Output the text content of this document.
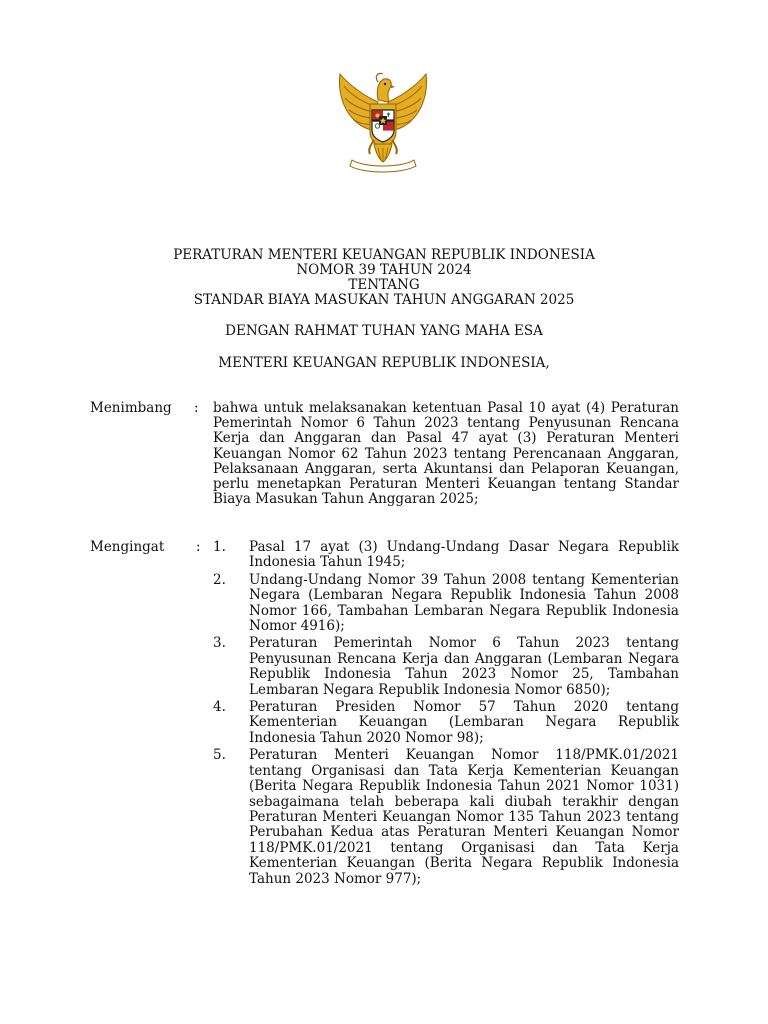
PERATURAN MENTERI KEUANGAN REPUBLIK INDONESIA
NOMOR 39 TAHUN 2024
TENTANG
STANDAR BIAYA MASUKAN TAHUN ANGGARAN 2025
DENGAN RAHMAT TUHAN YANG MAHA ESA
MENTERI KEUANGAN REPUBLIK INDONESIA,
Menimbang : bahwa untuk melaksanakan ketentuan Pasal 10 ayat (4) Peraturan Pemerintah Nomor 6 Tahun 2023 tentang Penyusunan Rencana Kerja dan Anggaran dan Pasal 47 ayat (3) Peraturan Menteri Keuangan Nomor 62 Tahun 2023 tentang Perencanaan Anggaran, Pelaksanaan Anggaran, serta Akuntansi dan Pelaporan Keuangan, perlu menetapkan Peraturan Menteri Keuangan tentang Standar Biaya Masukan Tahun Anggaran 2025;
Mengingat : 1. Pasal 17 ayat (3) Undang-Undang Dasar Negara Republik Indonesia Tahun 1945;
2. Undang-Undang Nomor 39 Tahun 2008 tentang Kementerian Negara (Lembaran Negara Republik Indonesia Tahun 2008 Nomor 166, Tambahan Lembaran Negara Republik Indonesia Nomor 4916);
3. Peraturan Pemerintah Nomor 6 Tahun 2023 tentang Penyusunan Rencana Kerja dan Anggaran (Lembaran Negara Republik Indonesia Tahun 2023 Nomor 25, Tambahan Lembaran Negara Republik Indonesia Nomor 6850);
4. Peraturan Presiden Nomor 57 Tahun 2020 tentang Kementerian Keuangan (Lembaran Negara Republik Indonesia Tahun 2020 Nomor 98);
5. Peraturan Menteri Keuangan Nomor 118/PMK.01/2021 tentang Organisasi dan Tata Kerja Kementerian Keuangan (Berita Negara Republik Indonesia Tahun 2021 Nomor 1031) sebagaimana telah beberapa kali diubah terakhir dengan Peraturan Menteri Keuangan Nomor 135 Tahun 2023 tentang Perubahan Kedua atas Peraturan Menteri Keuangan Nomor 118/PMK.01/2021 tentang Organisasi dan Tata Kerja Kementerian Keuangan (Berita Negara Republik Indonesia Tahun 2023 Nomor 977);
